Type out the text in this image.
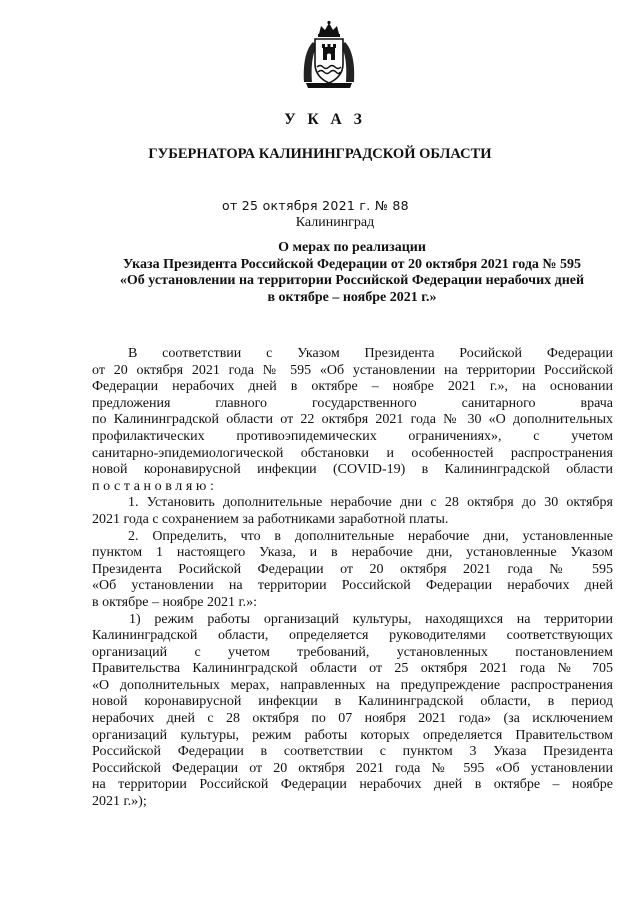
У К А З
ГУБЕРНАТОРА КАЛИНИНГРАДСКОЙ ОБЛАСТИ
от 25 октября 2021 г. № 88
Калининград
О мерах по реализации
Указа Президента Российской Федерации от 20 октября 2021 года № 595
«Об установлении на территории Российской Федерации нерабочих дней
в октябре – ноябре 2021 г.»
В соответствии с Указом Президента Росийской Федерации
от 20 октября 2021 года № 595 «Об установлении на территории Российской
Федерации нерабочих дней в октябре – ноябре 2021 г.», на основании
предложения главного государственного санитарного врача
по Калининградской области от 22 октября 2021 года № 30 «О дополнительных
профилактических противоэпидемических ограничениях», с учетом
санитарно-эпидемиологической обстановки и особенностей распространения
новой коронавирусной инфекции (COVID-19) в Калининградской области
постановляю:
1. Установить дополнительные нерабочие дни с 28 октября до 30 октября
2021 года с сохранением за работниками заработной платы.
2. Определить, что в дополнительные нерабочие дни, установленные
пунктом 1 настоящего Указа, и в нерабочие дни, установленные Указом
Президента Росийской Федерации от 20 октября 2021 года № 595
«Об установлении на территории Российской Федерации нерабочих дней
в октябре – ноябре 2021 г.»:
1) режим работы организаций культуры, находящихся на территории
Калининградской области, определяется руководителями соответствующих
организаций с учетом требований, установленных постановлением
Правительства Калининградской области от 25 октября 2021 года № 705
«О дополнительных мерах, направленных на предупреждение распространения
новой коронавирусной инфекции в Калининградской области, в период
нерабочих дней с 28 октября по 07 ноября 2021 года» (за исключением
организаций культуры, режим работы которых определяется Правительством
Российской Федерации в соответствии с пунктом 3 Указа Президента
Российской Федерации от 20 октября 2021 года № 595 «Об установлении
на территории Российской Федерации нерабочих дней в октябре – ноябре
2021 г.»);
